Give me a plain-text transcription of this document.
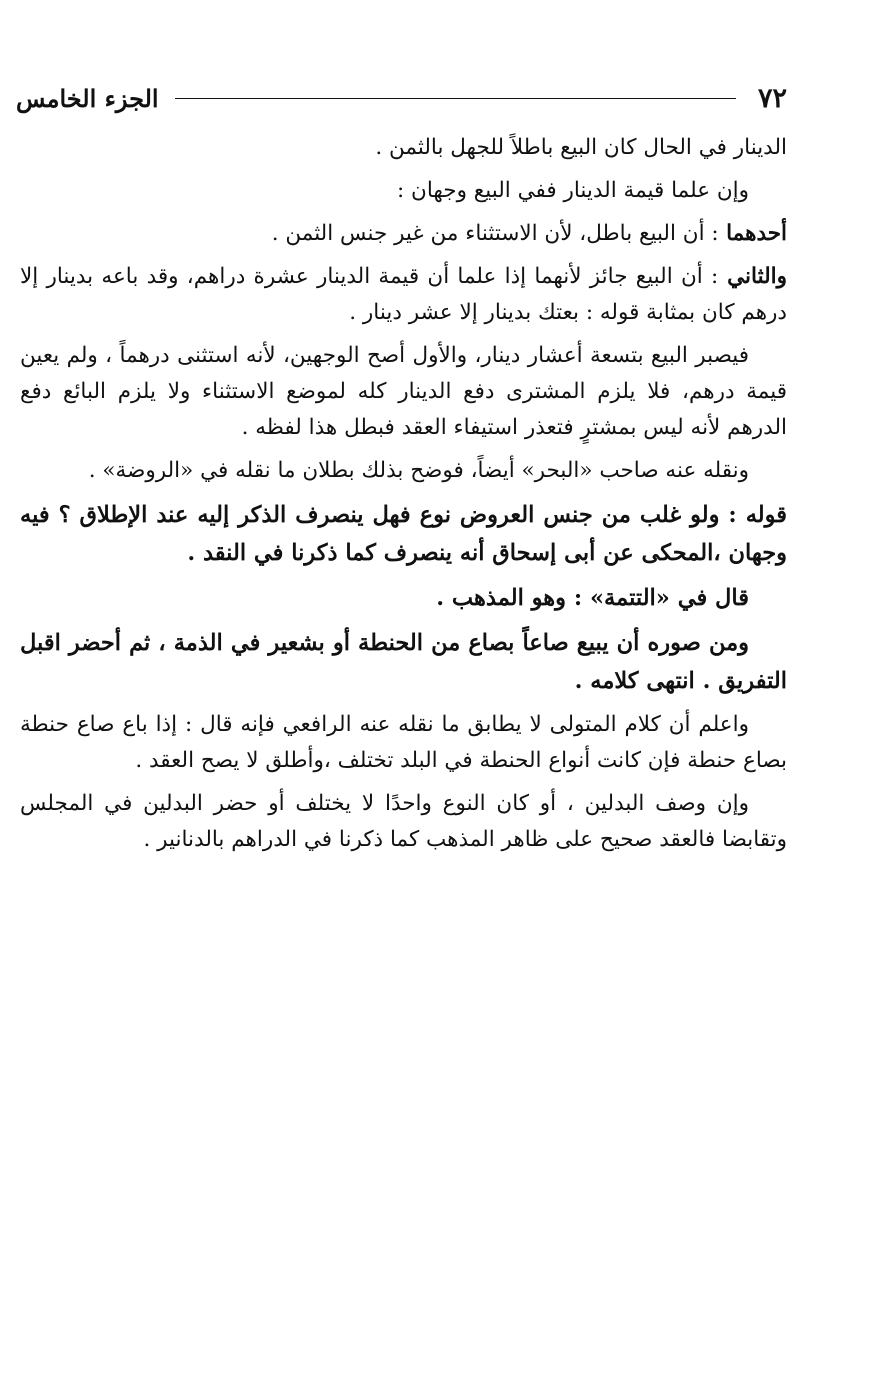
٧٢
الجزء الخامس

الدينار في الحال كان البيع باطلاً للجهل بالثمن .

وإن علما قيمة الدينار ففي البيع وجهان :

أحدهما : أن البيع باطل، لأن الاستثناء من غير جنس الثمن .

والثاني : أن البيع جائز لأنهما إذا علما أن قيمة الدينار عشرة دراهم، وقد باعه بدينار إلا درهم كان بمثابة قوله : بعتك بدينار إلا عشر دينار .

فيصبر البيع بتسعة أعشار دينار، والأول أصح الوجهين، لأنه استثنى درهماً ، ولم يعين قيمة درهم، فلا يلزم المشترى دفع الدينار كله لموضع الاستثناء ولا يلزم البائع دفع الدرهم لأنه ليس بمشترٍ فتعذر استيفاء العقد فبطل هذا لفظه .

ونقله عنه صاحب «البحر» أيضاً، فوضح بذلك بطلان ما نقله في «الروضة» .

قوله : ولو غلب من جنس العروض نوع فهل ينصرف الذكر إليه عند الإطلاق ؟ فيه وجهان ،المحكى عن أبى إسحاق أنه ينصرف كما ذكرنا في النقد .

قال في «التتمة» : وهو المذهب .

ومن صوره أن يبيع صاعاً بصاع من الحنطة أو بشعير في الذمة ، ثم أحضر اقبل التفريق . انتهى كلامه .

واعلم أن كلام المتولى لا يطابق ما نقله عنه الرافعي فإنه قال : إذا باع صاع حنطة بصاع حنطة فإن كانت أنواع الحنطة في البلد تختلف ،وأطلق لا يصح العقد .

وإن وصف البدلين ، أو كان النوع واحدًا لا يختلف أو حضر البدلين في المجلس وتقابضا فالعقد صحيح على ظاهر المذهب كما ذكرنا في الدراهم بالدنانير .
